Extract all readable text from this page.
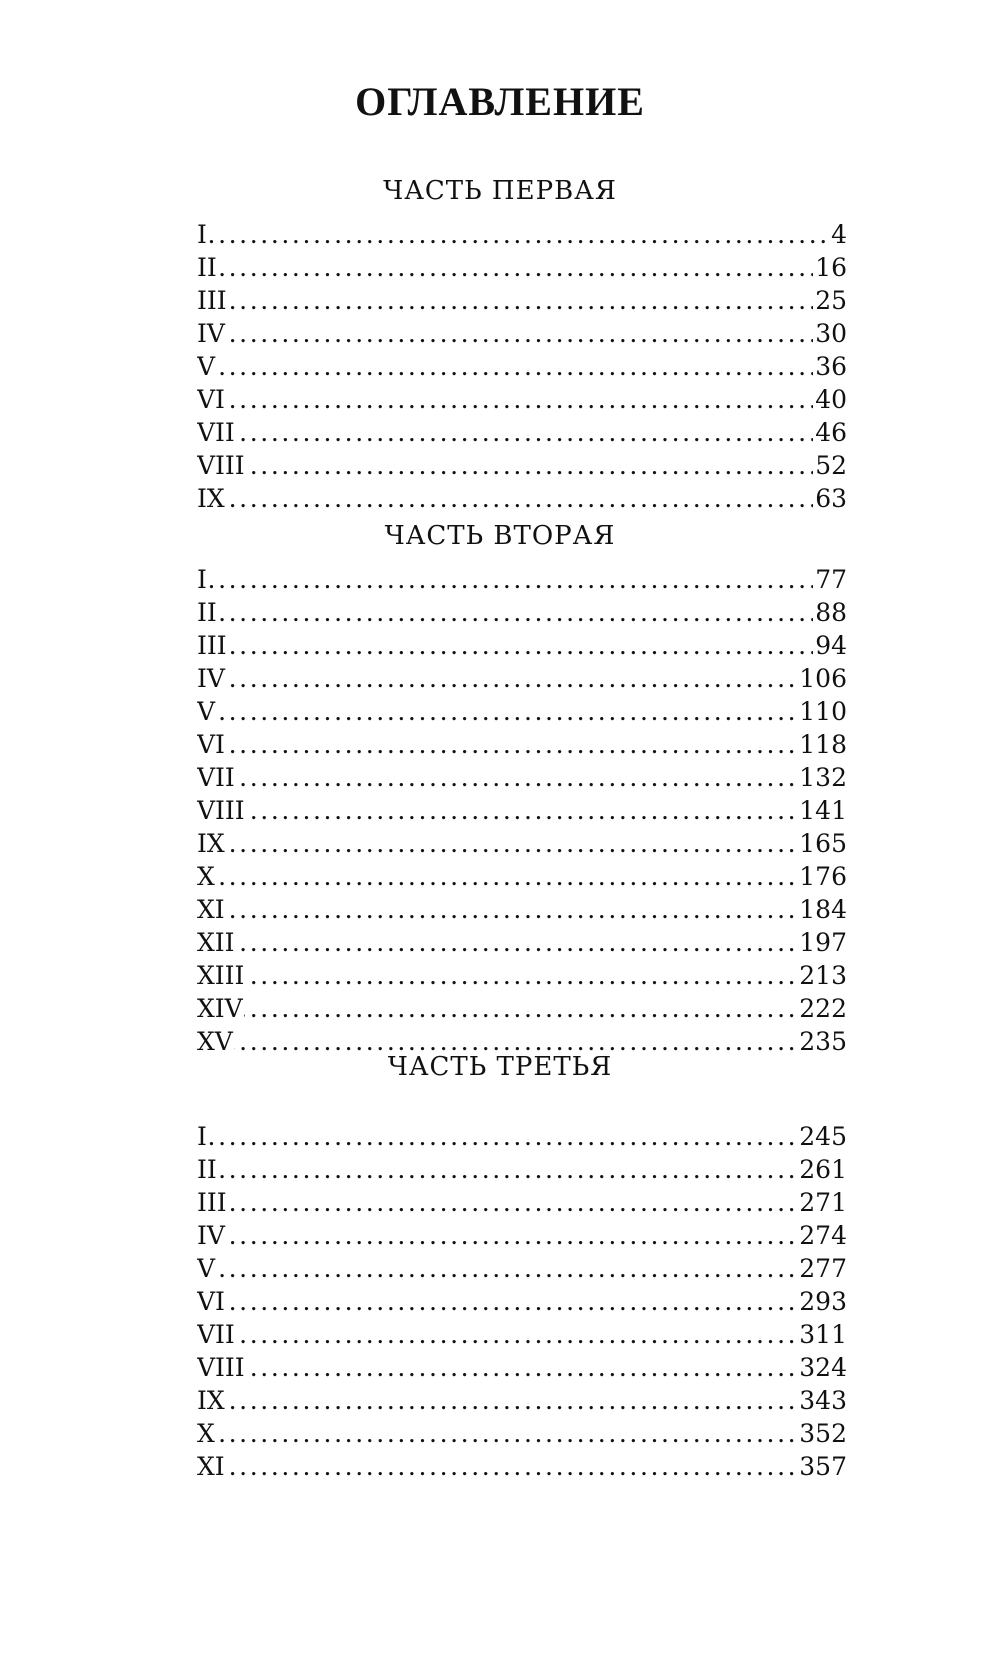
ОГЛАВЛЕНИЕ
ЧАСТЬ ПЕРВАЯ
I	4
.....
II	16
.....
III	25
.....
IV	30
.....
V	36
.....
VI	40
.....
VII	46
.....
VIII	52
.....
IX	63
.....
ЧАСТЬ ВТОРАЯ
I	77
.....
II	88
.....
III	94
.....
IV	106
.....
V	110
.....
VI	118
.....
VII	132
.....
VIII	141
.....
IX	165
.....
X	176
.....
XI	184
.....
XII	197
.....
XIII	213
.....
XIV	222
.....
XV	235
.....
ЧАСТЬ ТРЕТЬЯ
I	245
.....
II	261
.....
III	271
.....
IV	274
.....
V	277
.....
VI	293
.....
VII	311
.....
VIII	324
.....
IX	343
.....
X	352
.....
XI	357
.....
